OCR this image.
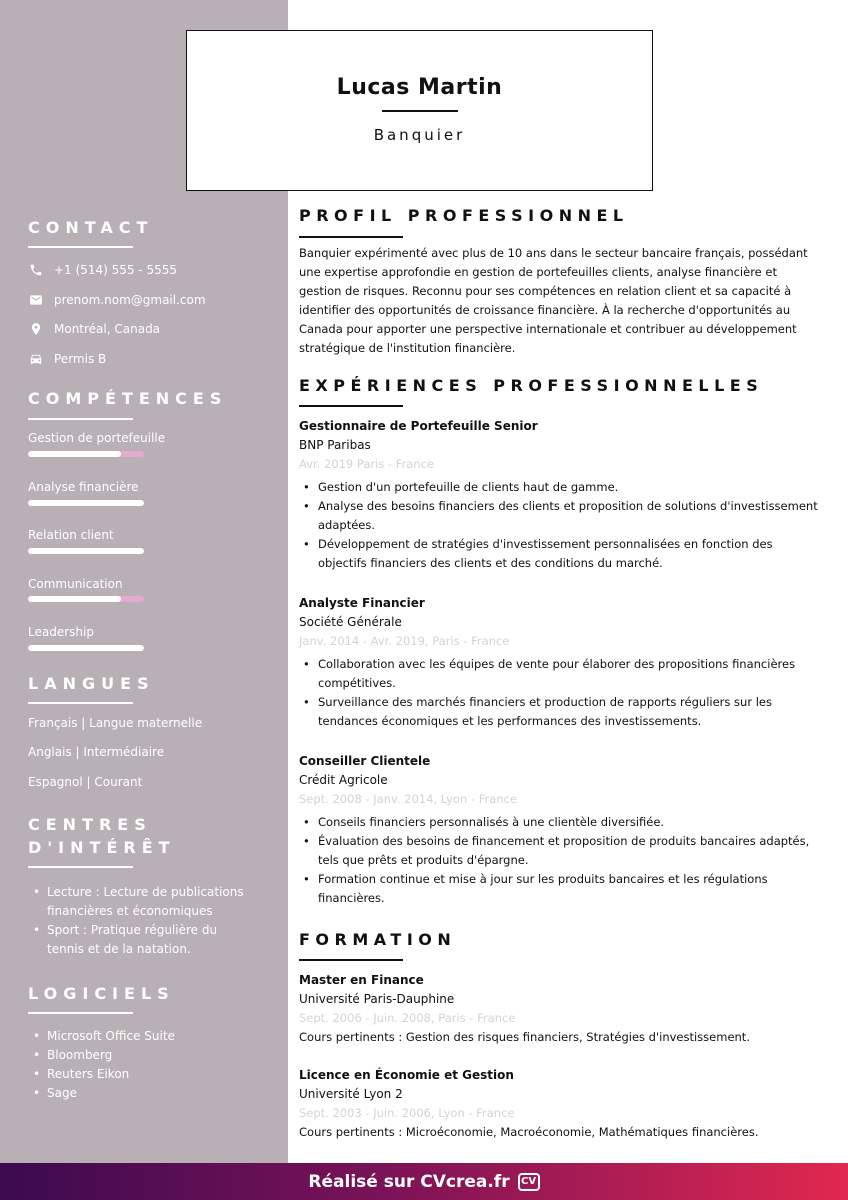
Lucas Martin
Banquier
CONTACT
+1 (514) 555 - 5555
prenom.nom@gmail.com
Montréal, Canada
Permis B
COMPÉTENCES
Gestion de portefeuille
Analyse financière
Relation client
Communication
Leadership
LANGUES
Français | Langue maternelle
Anglais | Intermédiaire
Espagnol | Courant
CENTRES
D'INTÉRÊT
• Lecture : Lecture de publications financières et économiques
• Sport : Pratique régulière du tennis et de la natation.
LOGICIELS
• Microsoft Office Suite
• Bloomberg
• Reuters Eikon
• Sage
PROFIL PROFESSIONNEL
Banquier expérimenté avec plus de 10 ans dans le secteur bancaire français, possédant une expertise approfondie en gestion de portefeuilles clients, analyse financière et gestion de risques. Reconnu pour ses compétences en relation client et sa capacité à identifier des opportunités de croissance financière. À la recherche d'opportunités au Canada pour apporter une perspective internationale et contribuer au développement stratégique de l'institution financière.
EXPÉRIENCES PROFESSIONNELLES
Gestionnaire de Portefeuille Senior
BNP Paribas
Avr. 2019 Paris - France
• Gestion d'un portefeuille de clients haut de gamme.
• Analyse des besoins financiers des clients et proposition de solutions d'investissement adaptées.
• Développement de stratégies d'investissement personnalisées en fonction des objectifs financiers des clients et des conditions du marché.
Analyste Financier
Société Générale
Janv. 2014 - Avr. 2019, Paris - France
• Collaboration avec les équipes de vente pour élaborer des propositions financières compétitives.
• Surveillance des marchés financiers et production de rapports réguliers sur les tendances économiques et les performances des investissements.
Conseiller Clientele
Crédit Agricole
Sept. 2008 - Janv. 2014, Lyon - France
• Conseils financiers personnalisés à une clientèle diversifiée.
• Évaluation des besoins de financement et proposition de produits bancaires adaptés, tels que prêts et produits d'épargne.
• Formation continue et mise à jour sur les produits bancaires et les régulations financières.
FORMATION
Master en Finance
Université Paris-Dauphine
Sept. 2006 - Juin. 2008, Paris - France
Cours pertinents : Gestion des risques financiers, Stratégies d'investissement.
Licence en Économie et Gestion
Université Lyon 2
Sept. 2003 - Juin. 2006, Lyon - France
Cours pertinents : Microéconomie, Macroéconomie, Mathématiques financières.
Réalisé sur CVcrea.fr	CV
